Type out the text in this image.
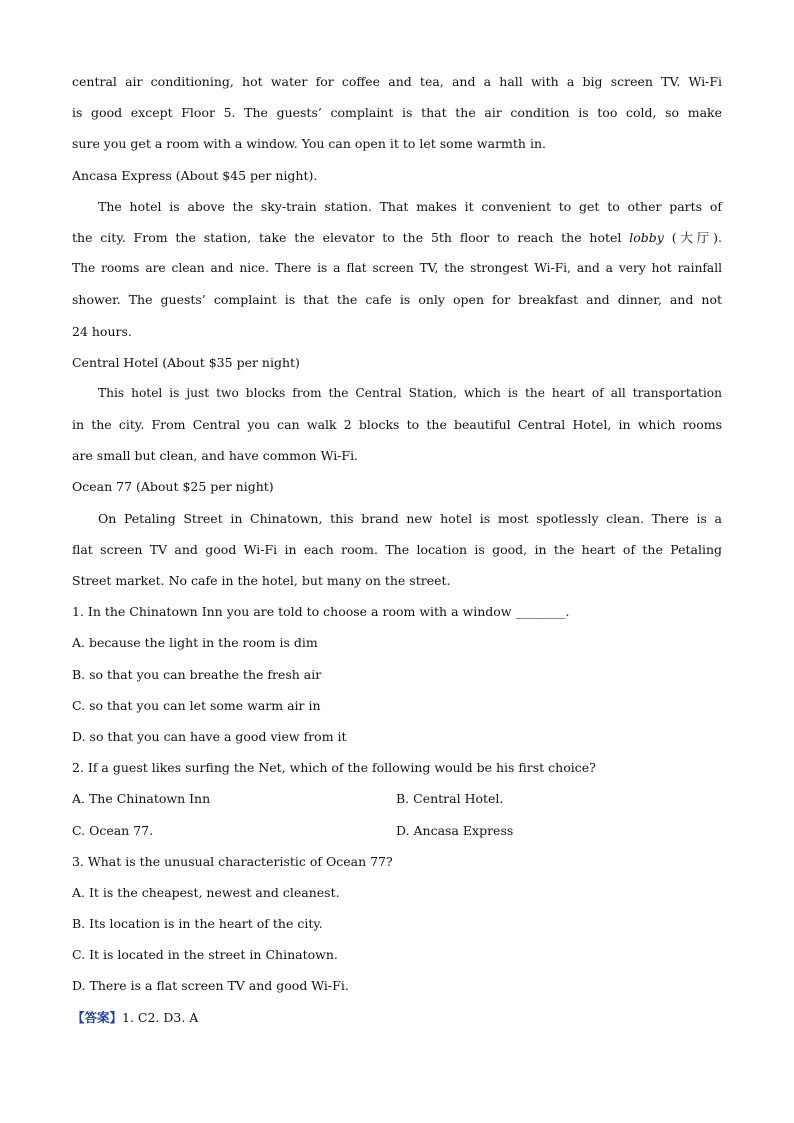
central air conditioning, hot water for coffee and tea, and a hall with a big screen TV. Wi-Fi
is good except Floor 5. The guests’ complaint is that the air condition is too cold, so make
sure you get a room with a window. You can open it to let some warmth in.
Ancasa Express (About $45 per night).
The hotel is above the sky-train station. That makes it convenient to get to other parts of
the city. From the station, take the elevator to the 5th floor to reach the hotel lobby (大厅).
The rooms are clean and nice. There is a flat screen TV, the strongest Wi-Fi, and a very hot rainfall
shower. The guests’ complaint is that the cafe is only open for breakfast and dinner, and not
24 hours.
Central Hotel (About $35 per night)
This hotel is just two blocks from the Central Station, which is the heart of all transportation
in the city. From Central you can walk 2 blocks to the beautiful Central Hotel, in which rooms
are small but clean, and have common Wi-Fi.
Ocean 77 (About $25 per night)
On Petaling Street in Chinatown, this brand new hotel is most spotlessly clean. There is a
flat screen TV and good Wi-Fi in each room. The location is good, in the heart of the Petaling
Street market. No cafe in the hotel, but many on the street.
1. In the Chinatown Inn you are told to choose a room with a window ________.
A. because the light in the room is dim
B. so that you can breathe the fresh air
C. so that you can let some warm air in
D. so that you can have a good view from it
2. If a guest likes surfing the Net, which of the following would be his first choice?
A. The Chinatown Inn	B. Central Hotel.
C. Ocean 77.	D. Ancasa Express
3. What is the unusual characteristic of Ocean 77?
A. It is the cheapest, newest and cleanest.
B. Its location is in the heart of the city.
C. It is located in the street in Chinatown.
D. There is a flat screen TV and good Wi-Fi.
【答案】1. C2. D3. A
